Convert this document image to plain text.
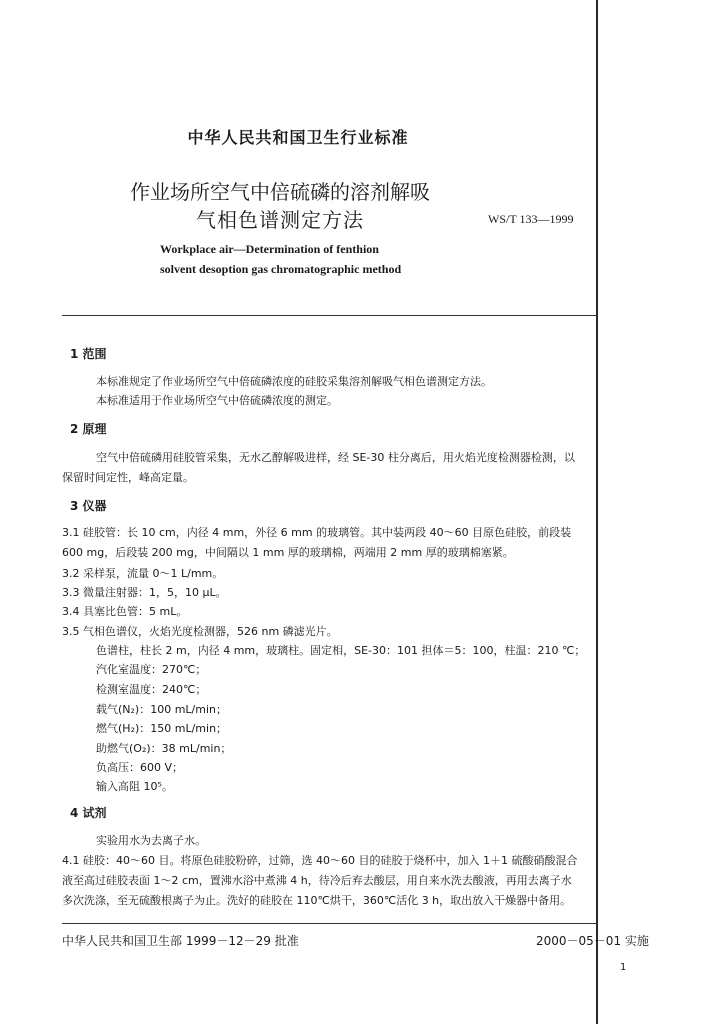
中华人民共和国卫生行业标准
作业场所空气中倍硫磷的溶剂解吸
气相色谱测定方法	WS/T 133—1999
Workplace air—Determination of fenthion
solvent desoption gas chromatographic method
1 范围
本标准规定了作业场所空气中倍硫磷浓度的硅胶采集溶剂解吸气相色谱测定方法。
本标准适用于作业场所空气中倍硫磷浓度的测定。
2 原理
空气中倍硫磷用硅胶管采集，无水乙醇解吸进样，经 SE-30 柱分离后，用火焰光度检测器检测，以
保留时间定性，峰高定量。
3 仪器
3.1 硅胶管：长 10 cm，内径 4 mm，外径 6 mm 的玻璃管。其中装两段 40～60 目原色硅胶，前段装
600 mg，后段装 200 mg，中间隔以 1 mm 厚的玻璃棉，两端用 2 mm 厚的玻璃棉塞紧。
3.2 采样泵，流量 0～1 L/mm。
3.3 微量注射器：1，5，10 μL。
3.4 具塞比色管：5 mL。
3.5 气相色谱仪，火焰光度检测器，526 nm 磷滤光片。
色谱柱，柱长 2 m，内径 4 mm，玻璃柱。固定相，SE-30：101 担体＝5：100，柱温：210 ℃；
汽化室温度：270℃；
检测室温度：240℃；
载气(N₂)：100 mL/min；
燃气(H₂)：150 mL/min；
助燃气(O₂)：38 mL/min；
负高压：600 V；
输入高阻 10⁵。
4 试剂
实验用水为去离子水。
4.1 硅胶：40～60 目。将原色硅胶粉碎，过筛，选 40～60 目的硅胶于烧杯中，加入 1＋1 硫酸硝酸混合
液至高过硅胶表面 1～2 cm，置沸水浴中煮沸 4 h，待冷后弃去酸层，用自来水洗去酸液，再用去离子水
多次洗涤，至无硫酸根离子为止。洗好的硅胶在 110℃烘干，360℃活化 3 h，取出放入干燥器中备用。
中华人民共和国卫生部 1999－12－29 批准	2000－05－01 实施
1
